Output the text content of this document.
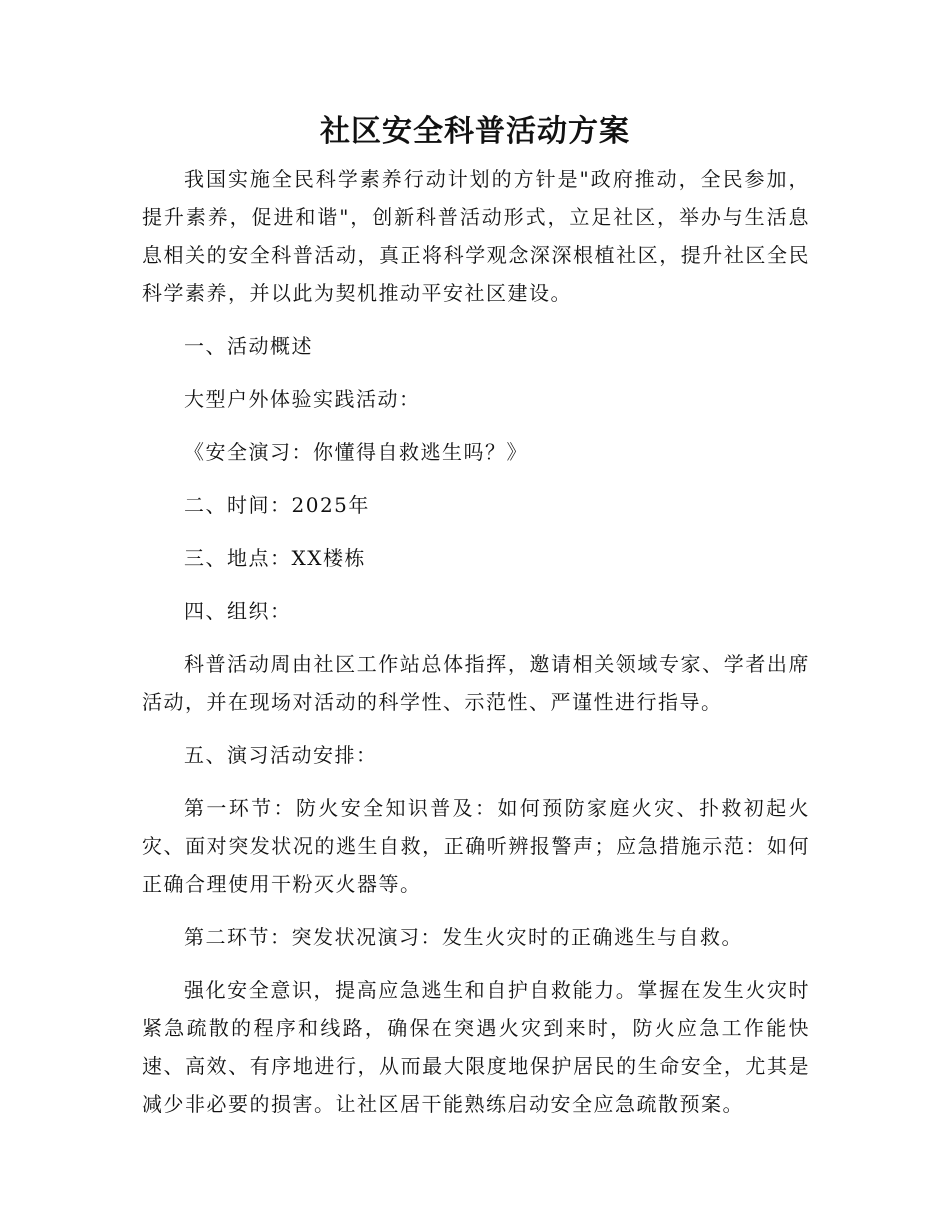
社区安全科普活动方案

我国实施全民科学素养行动计划的方针是"政府推动，全民参加，提升素养，促进和谐"，创新科普活动形式，立足社区，举办与生活息息相关的安全科普活动，真正将科学观念深深根植社区，提升社区全民科学素养，并以此为契机推动平安社区建设。

一、活动概述

大型户外体验实践活动：

《安全演习：你懂得自救逃生吗？》

二、时间：2025年

三、地点：XX楼栋

四、组织：

科普活动周由社区工作站总体指挥，邀请相关领域专家、学者出席活动，并在现场对活动的科学性、示范性、严谨性进行指导。

五、演习活动安排：

第一环节：防火安全知识普及：如何预防家庭火灾、扑救初起火灾、面对突发状况的逃生自救，正确听辨报警声；应急措施示范：如何正确合理使用干粉灭火器等。

第二环节：突发状况演习：发生火灾时的正确逃生与自救。

强化安全意识，提高应急逃生和自护自救能力。掌握在发生火灾时紧急疏散的程序和线路，确保在突遇火灾到来时，防火应急工作能快速、高效、有序地进行，从而最大限度地保护居民的生命安全，尤其是减少非必要的损害。让社区居干能熟练启动安全应急疏散预案。
